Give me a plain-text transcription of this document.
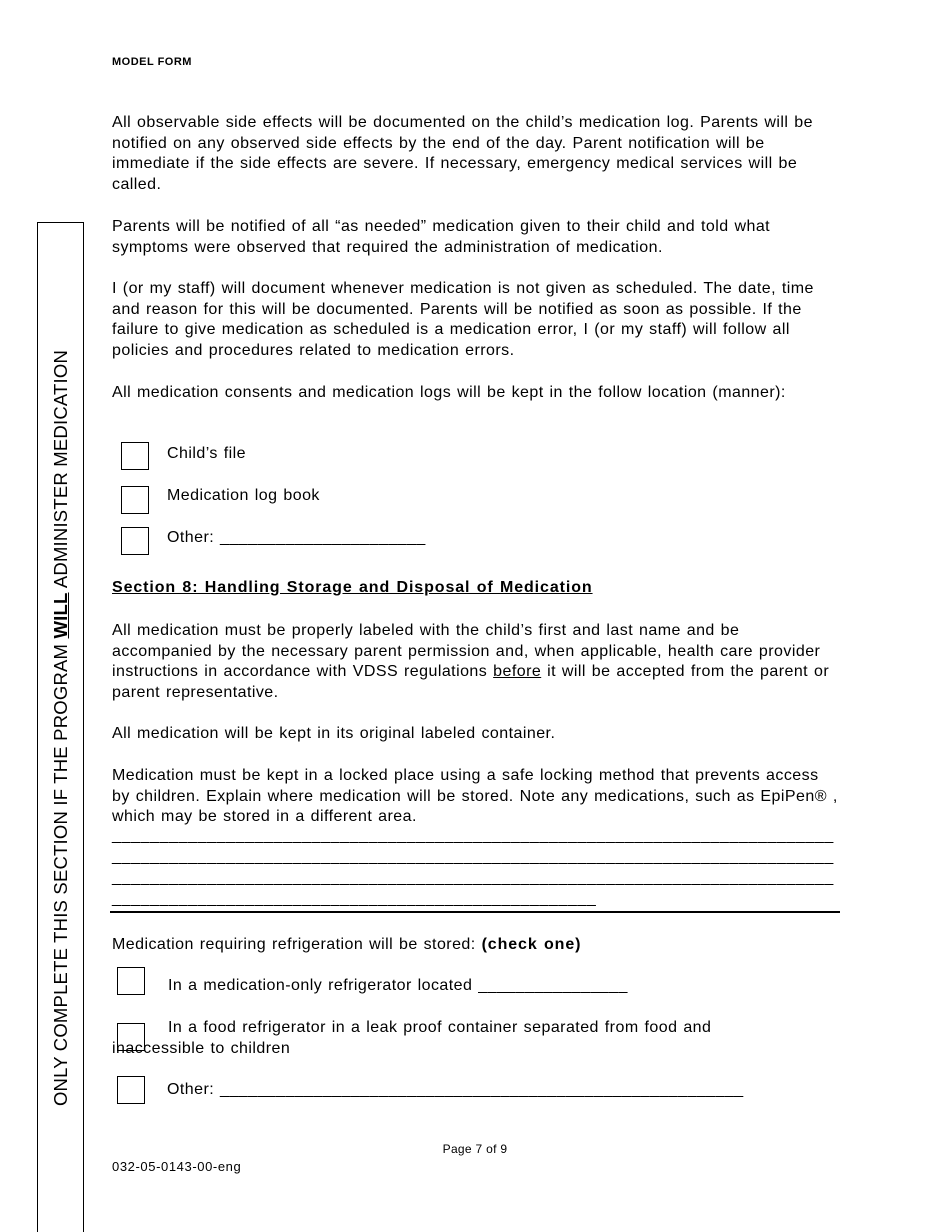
MODEL FORM
ONLY COMPLETE THIS SECTION IF THE PROGRAM WILL ADMINISTER MEDICATION

All observable side effects will be documented on the child’s medication log. Parents will be notified on any observed side effects by the end of the day. Parent notification will be immediate if the side effects are severe. If necessary, emergency medical services will be called.

Parents will be notified of all “as needed” medication given to their child and told what symptoms were observed that required the administration of medication.

I (or my staff) will document whenever medication is not given as scheduled. The date, time and reason for this will be documented. Parents will be notified as soon as possible. If the failure to give medication as scheduled is a medication error, I (or my staff) will follow all policies and procedures related to medication errors.

All medication consents and medication logs will be kept in the follow location (manner):

Child’s file
Medication log book
Other: ______________________
Section 8: Handling Storage and Disposal of Medication

All medication must be properly labeled with the child’s first and last name and be accompanied by the necessary parent permission and, when applicable, health care provider instructions in accordance with VDSS regulations before it will be accepted from the parent or parent representative.

All medication will be kept in its original labeled container.

Medication must be kept in a locked place using a safe locking method that prevents access by children. Explain where medication will be stored. Note any medications, such as EpiPen® , which may be stored in a different area.

____________________________________________________________________________
____________________________________________________________________________
____________________________________________________________________________
___________________________________________________
Medication requiring refrigeration will be stored: (check one)
In a medication-only refrigerator located ________________
In a food refrigerator in a leak proof container separated from food and
inaccessible to children
Other: ________________________________________________________
Page 7 of 9
032-05-0143-00-eng
